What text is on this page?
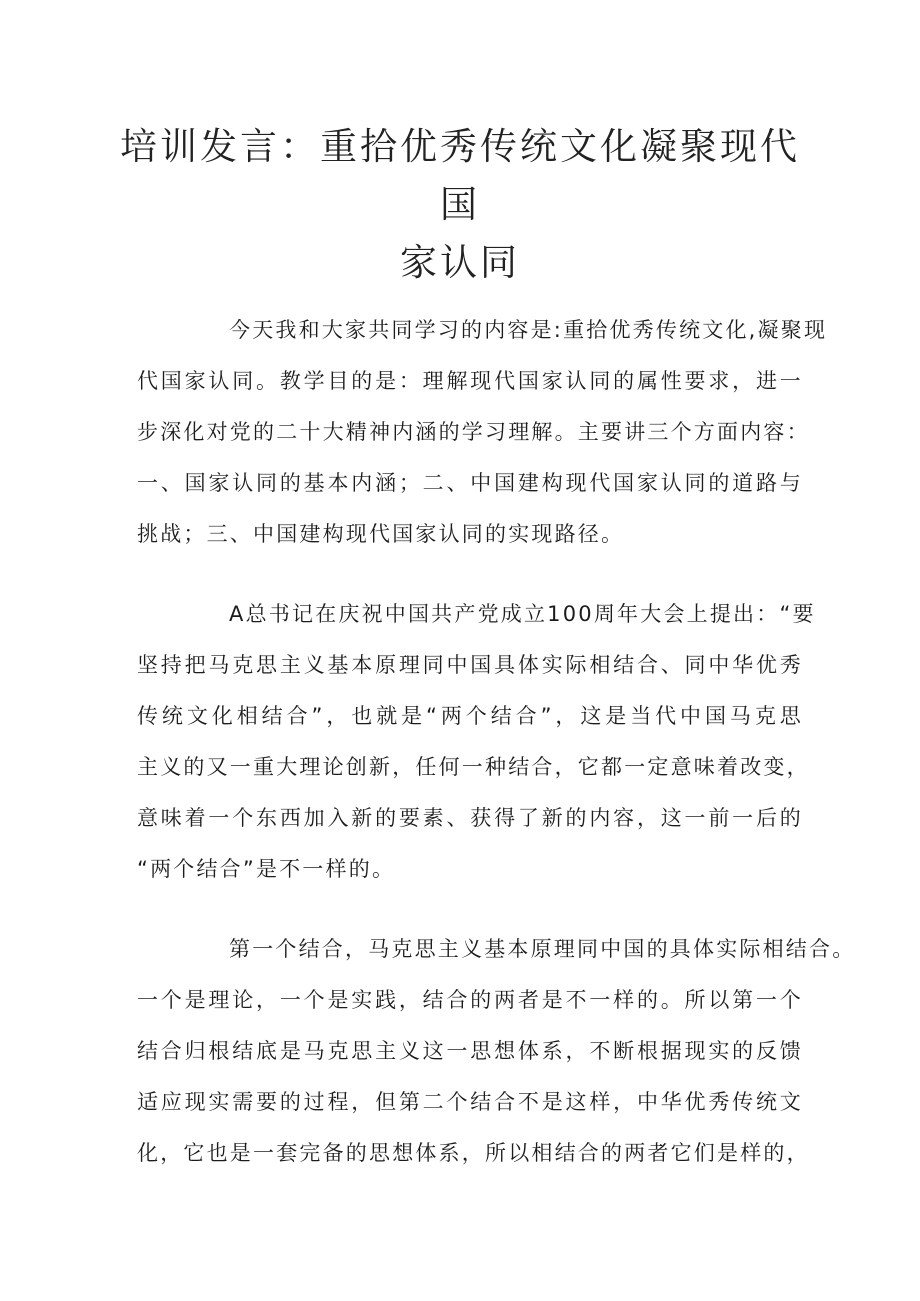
培训发言：重拾优秀传统文化凝聚现代国
家认同
今天我和大家共同学习的内容是:重拾优秀传统文化,凝聚现
代国家认同。教学目的是：理解现代国家认同的属性要求，进一
步深化对党的二十大精神内涵的学习理解。主要讲三个方面内容：
一、国家认同的基本内涵；二、中国建构现代国家认同的道路与
挑战；三、中国建构现代国家认同的实现路径。
A总书记在庆祝中国共产党成立100周年大会上提出：“要
坚持把马克思主义基本原理同中国具体实际相结合、同中华优秀
传统文化相结合”，也就是“两个结合”，这是当代中国马克思
主义的又一重大理论创新，任何一种结合，它都一定意味着改变，
意味着一个东西加入新的要素、获得了新的内容，这一前一后的
“两个结合”是不一样的。
第一个结合，马克思主义基本原理同中国的具体实际相结合。
一个是理论，一个是实践，结合的两者是不一样的。所以第一个
结合归根结底是马克思主义这一思想体系，不断根据现实的反馈
适应现实需要的过程，但第二个结合不是这样，中华优秀传统文
化，它也是一套完备的思想体系，所以相结合的两者它们是样的，
